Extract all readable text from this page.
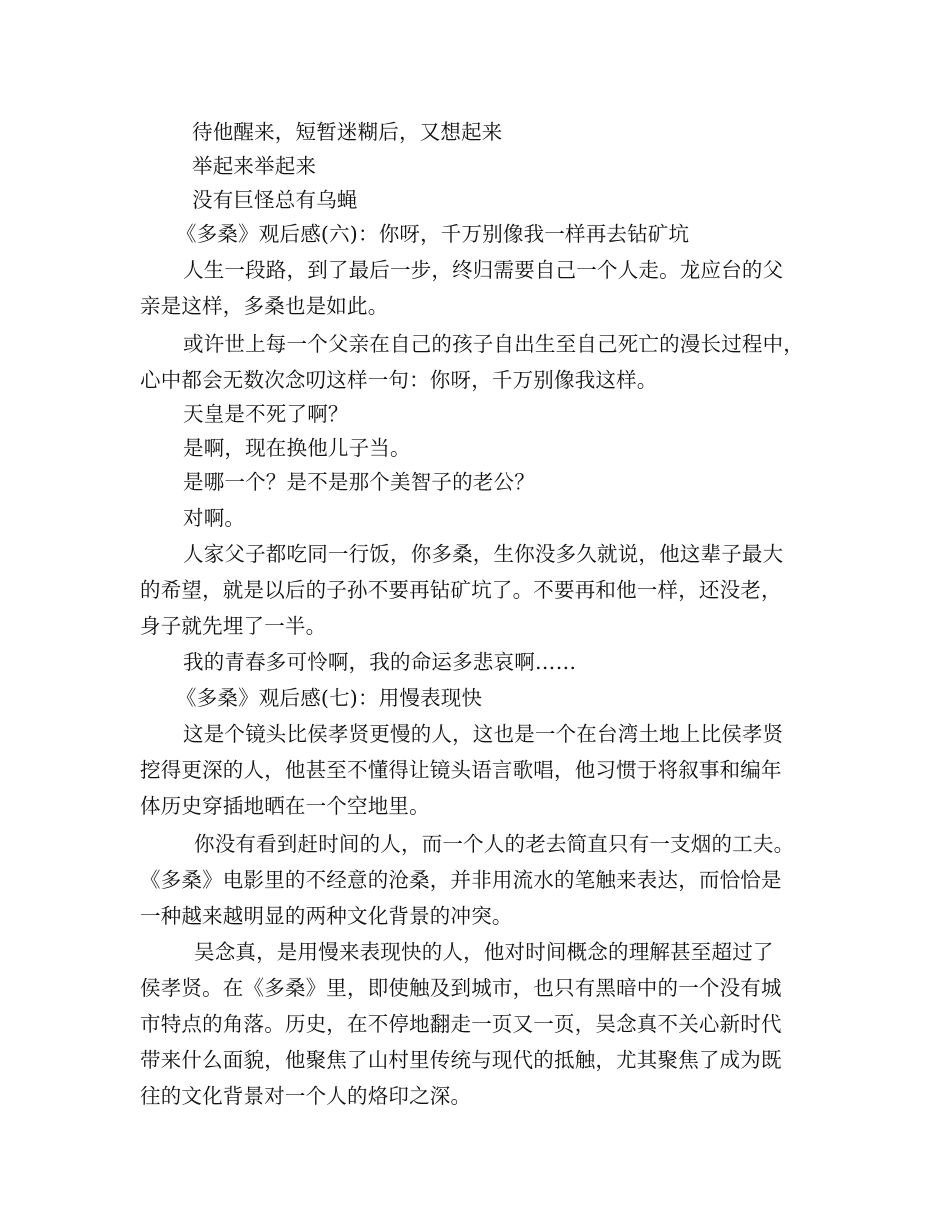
待他醒来，短暂迷糊后，又想起来
举起来举起来
没有巨怪总有乌蝇
《多桑》观后感(六)：你呀，千万别像我一样再去钻矿坑
人生一段路，到了最后一步，终归需要自己一个人走。龙应台的父
亲是这样，多桑也是如此。
或许世上每一个父亲在自己的孩子自出生至自己死亡的漫长过程中，
心中都会无数次念叨这样一句：你呀，千万别像我这样。
天皇是不死了啊？
是啊，现在换他儿子当。
是哪一个？是不是那个美智子的老公？
对啊。
人家父子都吃同一行饭，你多桑，生你没多久就说，他这辈子最大
的希望，就是以后的子孙不要再钻矿坑了。不要再和他一样，还没老，
身子就先埋了一半。
我的青春多可怜啊，我的命运多悲哀啊……
《多桑》观后感(七)：用慢表现快
这是个镜头比侯孝贤更慢的人，这也是一个在台湾土地上比侯孝贤
挖得更深的人，他甚至不懂得让镜头语言歌唱，他习惯于将叙事和编年
体历史穿插地晒在一个空地里。
你没有看到赶时间的人，而一个人的老去简直只有一支烟的工夫。
《多桑》电影里的不经意的沧桑，并非用流水的笔触来表达，而恰恰是
一种越来越明显的两种文化背景的冲突。
吴念真，是用慢来表现快的人，他对时间概念的理解甚至超过了
侯孝贤。在《多桑》里，即使触及到城市，也只有黑暗中的一个没有城
市特点的角落。历史，在不停地翻走一页又一页，吴念真不关心新时代
带来什么面貌，他聚焦了山村里传统与现代的抵触，尤其聚焦了成为既
往的文化背景对一个人的烙印之深。
